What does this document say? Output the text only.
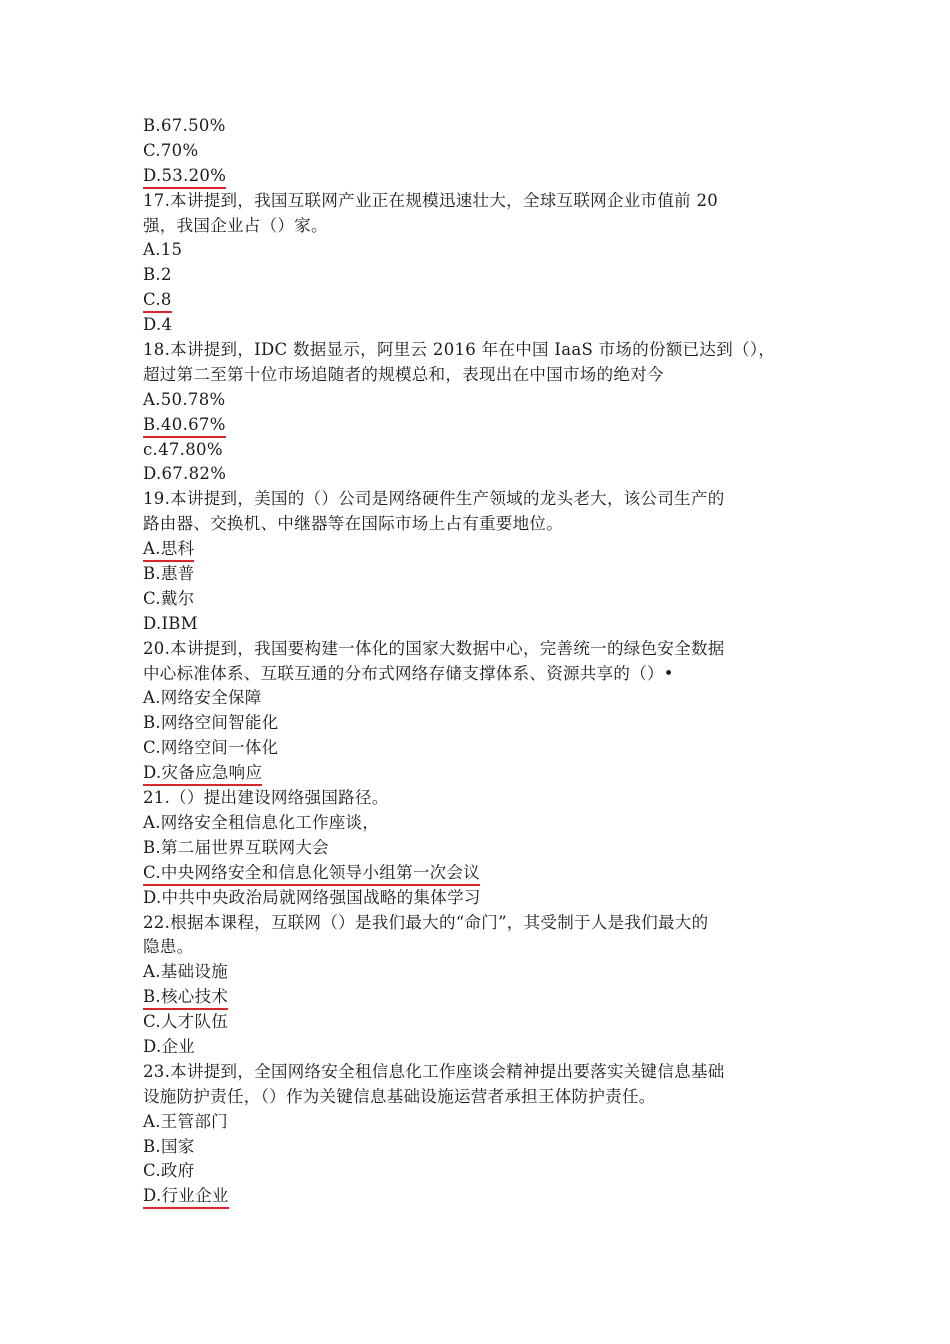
B.67.50%
C.70%
D.53.20%
17.本讲提到，我国互联网产业正在规模迅速壮大，全球互联网企业市值前 20
强，我国企业占（）家。
A.15
B.2
C.8
D.4
18.本讲提到，IDC 数据显示，阿里云 2016 年在中国 IaaS 市场的份额已达到（），
超过第二至第十位市场追随者的规模总和，表现出在中国市场的绝对今
A.50.78%
B.40.67%
c.47.80%
D.67.82%
19.本讲提到，美国的（）公司是网络硬件生产领域的龙头老大，该公司生产的
路由器、交换机、中继器等在国际市场上占有重要地位。
A.思科
B.惠普
C.戴尔
D.IBM
20.本讲提到，我国要构建一体化的国家大数据中心，完善统一的绿色安全数据
中心标准体系、互联互通的分布式网络存储支撑体系、资源共享的（）•
A.网络安全保障
B.网络空间智能化
C.网络空间一体化
D.灾备应急响应
21.（）提出建设网络强国路径。
A.网络安全租信息化工作座谈，
B.第二届世界互联网大会
C.中央网络安全和信息化领导小组第一次会议
D.中共中央政治局就网络强国战略的集体学习
22.根据本课程，互联网（）是我们最大的“命门”，其受制于人是我们最大的
隐患。
A.基础设施
B.核心技术
C.人才队伍
D.企业
23.本讲提到，全国网络安全租信息化工作座谈会精神提出要落实关键信息基础
设施防护责任，（）作为关键信息基础设施运营者承担王体防护责任。
A.王管部门
B.国家
C.政府
D.行业企业
